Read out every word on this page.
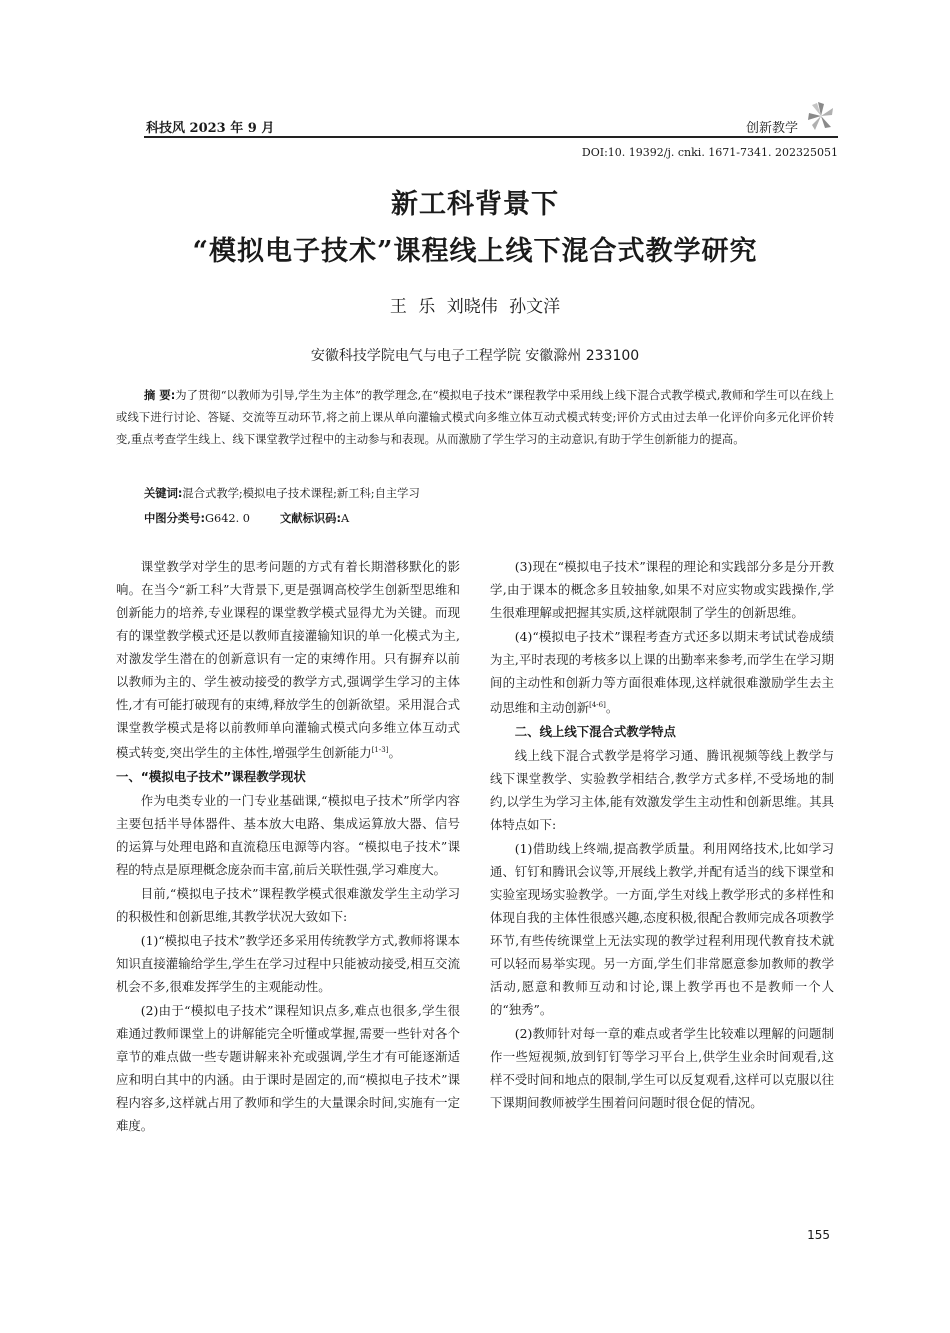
科技风 2023 年 9 月	创新教学
DOI:10. 19392/j. cnki. 1671-7341. 202325051
新工科背景下
“模拟电子技术”课程线上线下混合式教学研究
王 乐 刘晓伟 孙文洋
安徽科技学院电气与电子工程学院 安徽滁州 233100
摘 要:为了贯彻“以教师为引导,学生为主体”的教学理念,在“模拟电子技术”课程教学中采用线上线下混合式教学模式,教师和学生可以在线上或线下进行讨论、答疑、交流等互动环节,将之前上课从单向灌输式模式向多维立体互动式模式转变;评价方式由过去单一化评价向多元化评价转变,重点考查学生线上、线下课堂教学过程中的主动参与和表现。从而激励了学生学习的主动意识,有助于学生创新能力的提高。
关键词:混合式教学;模拟电子技术课程;新工科;自主学习
中图分类号:G642. 0	文献标识码:A

课堂教学对学生的思考问题的方式有着长期潜移默化的影响。在当今“新工科”大背景下,更是强调高校学生创新型思维和创新能力的培养,专业课程的课堂教学模式显得尤为关键。而现有的课堂教学模式还是以教师直接灌输知识的单一化模式为主,对激发学生潜在的创新意识有一定的束缚作用。只有摒弃以前以教师为主的、学生被动接受的教学方式,强调学生学习的主体性,才有可能打破现有的束缚,释放学生的创新欲望。采用混合式课堂教学模式是将以前教师单向灌输式模式向多维立体互动式模式转变,突出学生的主体性,增强学生创新能力[1-3]。

一、“模拟电子技术”课程教学现状

作为电类专业的一门专业基础课,“模拟电子技术”所学内容主要包括半导体器件、基本放大电路、集成运算放大器、信号的运算与处理电路和直流稳压电源等内容。“模拟电子技术”课程的特点是原理概念庞杂而丰富,前后关联性强,学习难度大。

目前,“模拟电子技术”课程教学模式很难激发学生主动学习的积极性和创新思维,其教学状况大致如下:

(1)“模拟电子技术”教学还多采用传统教学方式,教师将课本知识直接灌输给学生,学生在学习过程中只能被动接受,相互交流机会不多,很难发挥学生的主观能动性。

(2)由于“模拟电子技术”课程知识点多,难点也很多,学生很难通过教师课堂上的讲解能完全听懂或掌握,需要一些针对各个章节的难点做一些专题讲解来补充或强调,学生才有可能逐渐适应和明白其中的内涵。由于课时是固定的,而“模拟电子技术”课程内容多,这样就占用了教师和学生的大量课余时间,实施有一定难度。

(3)现在“模拟电子技术”课程的理论和实践部分多是分开教学,由于课本的概念多且较抽象,如果不对应实物或实践操作,学生很难理解或把握其实质,这样就限制了学生的创新思维。

(4)“模拟电子技术”课程考查方式还多以期末考试试卷成绩为主,平时表现的考核多以上课的出勤率来参考,而学生在学习期间的主动性和创新力等方面很难体现,这样就很难激励学生去主动思维和主动创新[4-6]。

二、线上线下混合式教学特点

线上线下混合式教学是将学习通、腾讯视频等线上教学与线下课堂教学、实验教学相结合,教学方式多样,不受场地的制约,以学生为学习主体,能有效激发学生主动性和创新思维。其具体特点如下:

(1)借助线上终端,提高教学质量。利用网络技术,比如学习通、钉钉和腾讯会议等,开展线上教学,并配有适当的线下课堂和实验室现场实验教学。一方面,学生对线上教学形式的多样性和体现自我的主体性很感兴趣,态度积极,很配合教师完成各项教学环节,有些传统课堂上无法实现的教学过程利用现代教育技术就可以轻而易举实现。另一方面,学生们非常愿意参加教师的教学活动,愿意和教师互动和讨论,课上教学再也不是教师一个人的“独秀”。

(2)教师针对每一章的难点或者学生比较难以理解的问题制作一些短视频,放到钉钉等学习平台上,供学生业余时间观看,这样不受时间和地点的限制,学生可以反复观看,这样可以克服以往下课期间教师被学生围着问问题时很仓促的情况。

155
